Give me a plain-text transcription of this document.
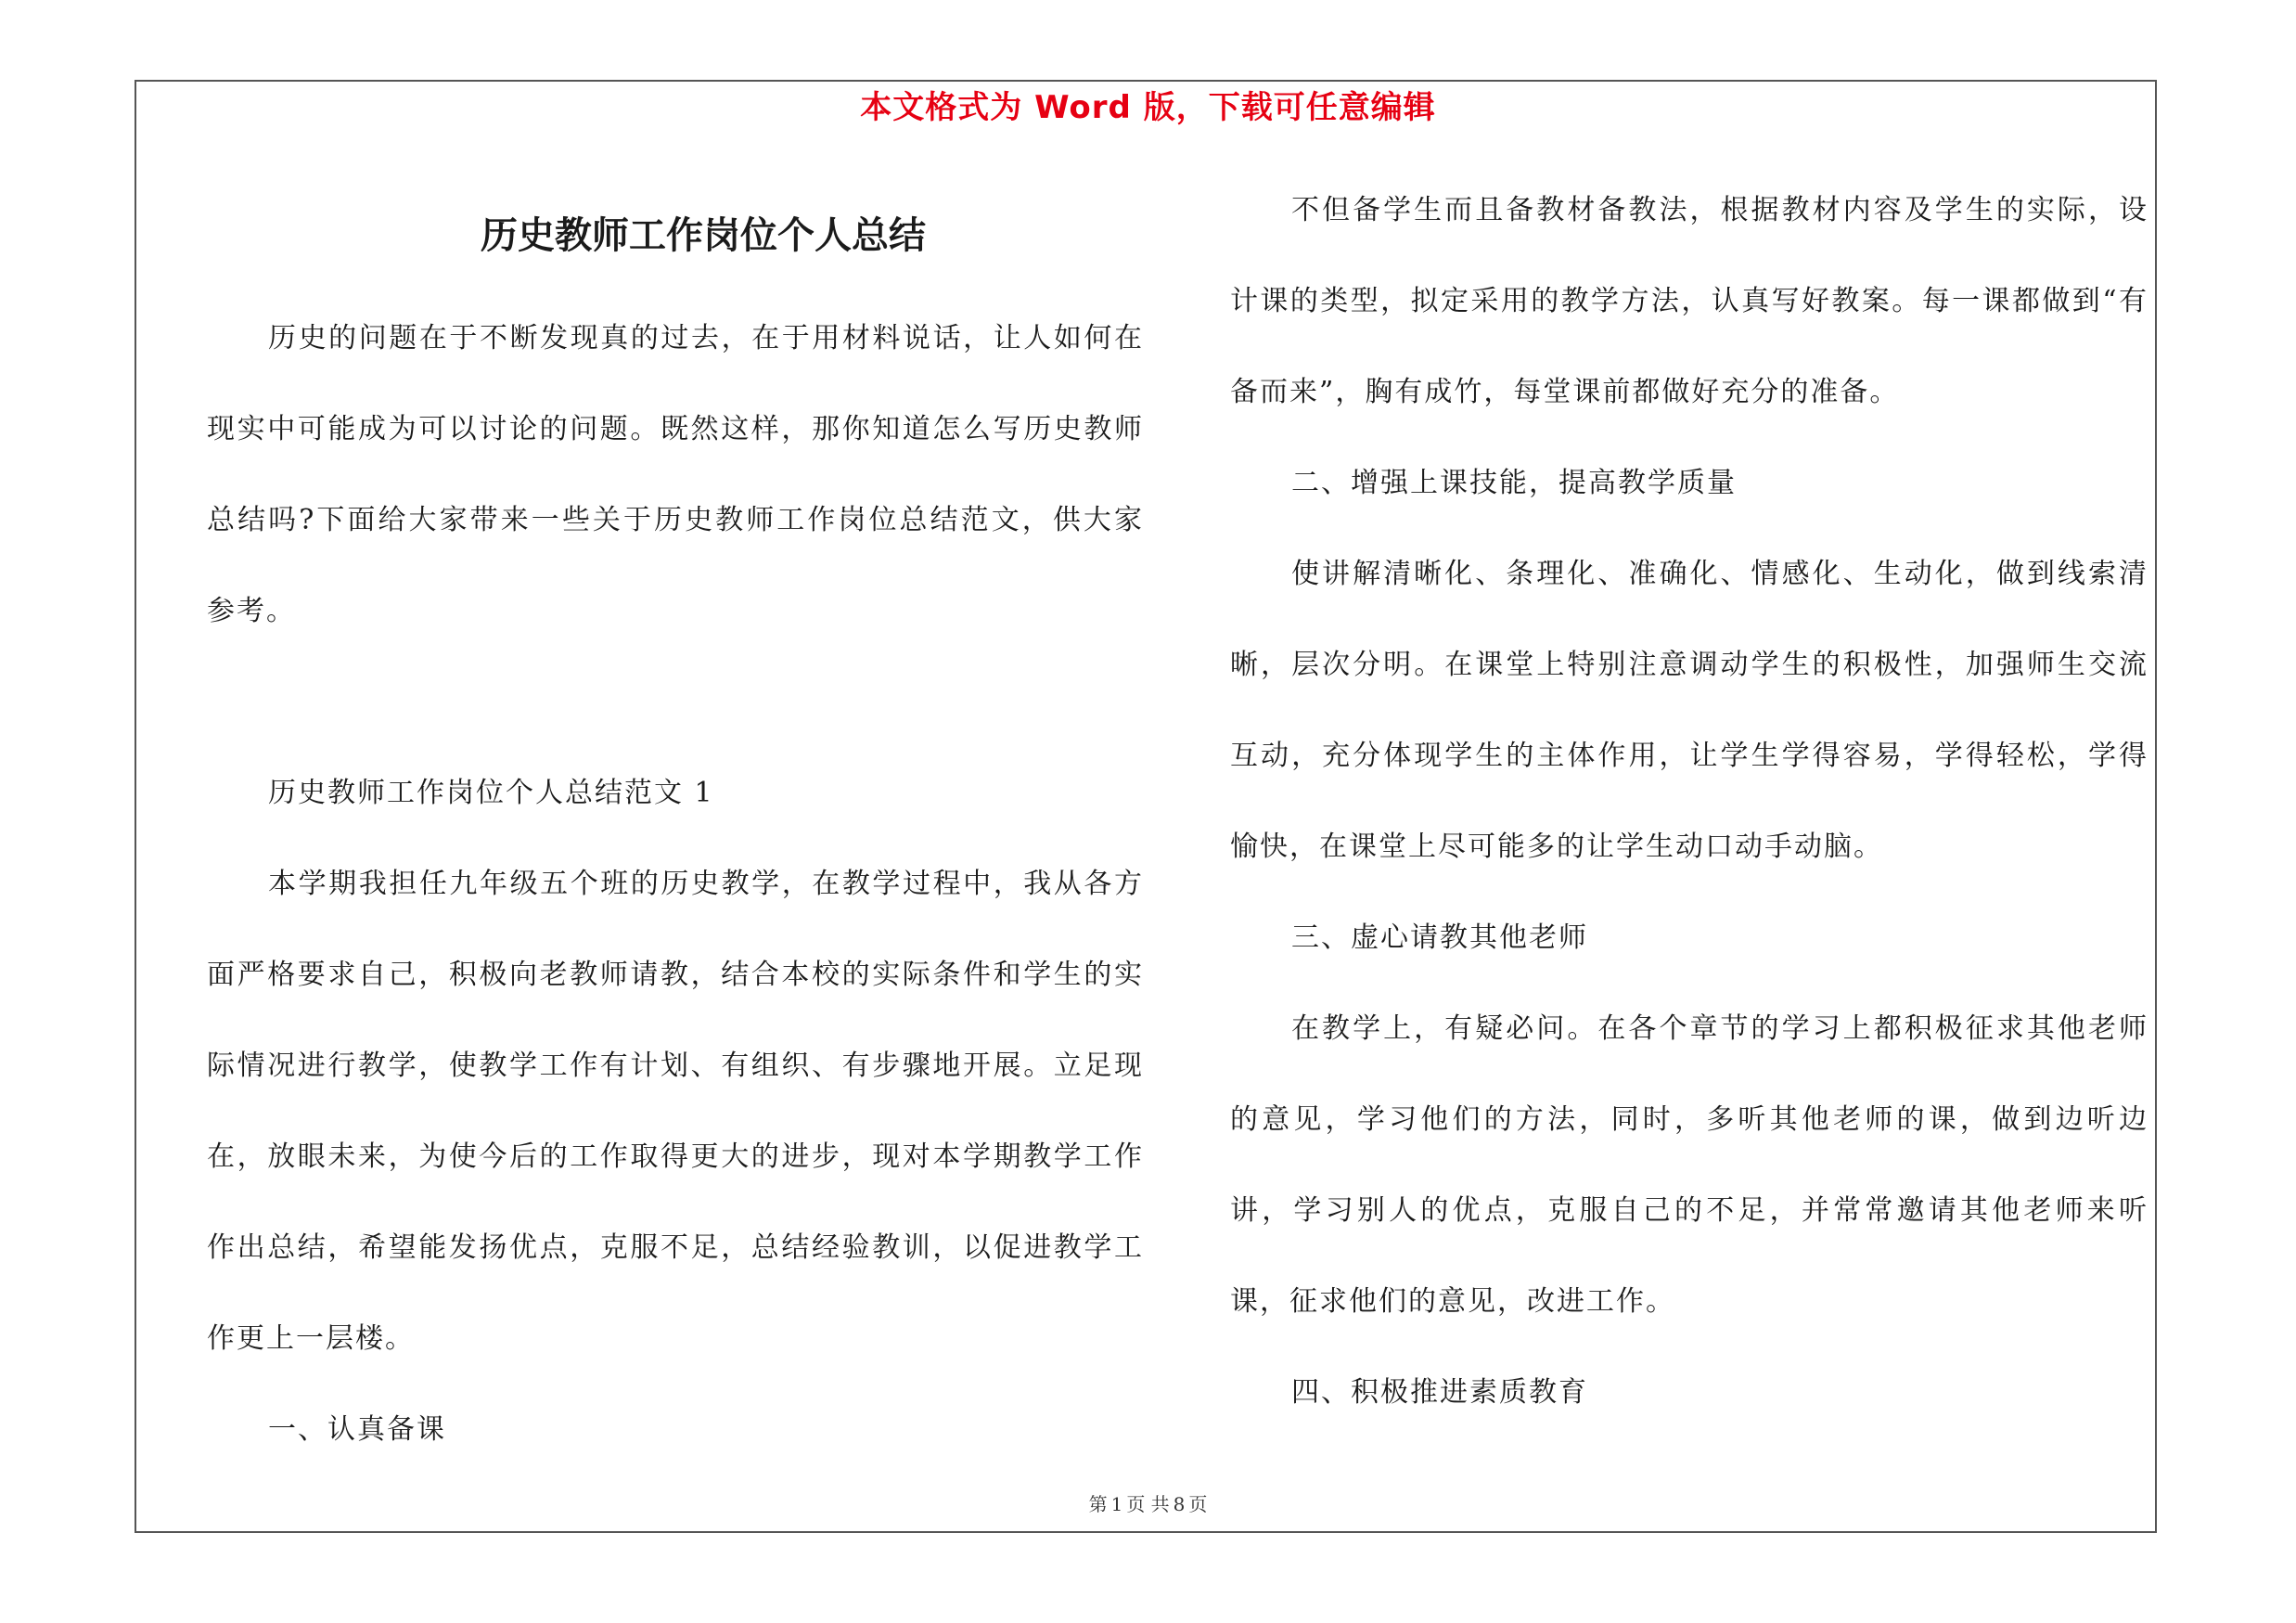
本文格式为 Word 版，下载可任意编辑
历史教师工作岗位个人总结

历史的问题在于不断发现真的过去，在于用材料说话，让人如何在现实中可能成为可以讨论的问题。既然这样，那你知道怎么写历史教师总结吗?下面给大家带来一些关于历史教师工作岗位总结范文，供大家参考。

历史教师工作岗位个人总结范文 1

本学期我担任九年级五个班的历史教学，在教学过程中，我从各方面严格要求自己，积极向老教师请教，结合本校的实际条件和学生的实际情况进行教学，使教学工作有计划、有组织、有步骤地开展。立足现在，放眼未来，为使今后的工作取得更大的进步，现对本学期教学工作作出总结，希望能发扬优点，克服不足，总结经验教训，以促进教学工作更上一层楼。

一、认真备课

不但备学生而且备教材备教法，根据教材内容及学生的实际，设计课的类型，拟定采用的教学方法，认真写好教案。每一课都做到“有备而来”，胸有成竹，每堂课前都做好充分的准备。

二、增强上课技能，提高教学质量

使讲解清晰化、条理化、准确化、情感化、生动化，做到线索清晰，层次分明。在课堂上特别注意调动学生的积极性，加强师生交流互动，充分体现学生的主体作用，让学生学得容易，学得轻松，学得愉快，在课堂上尽可能多的让学生动口动手动脑。

三、虚心请教其他老师

在教学上，有疑必问。在各个章节的学习上都积极征求其他老师的意见，学习他们的方法，同时，多听其他老师的课，做到边听边讲，学习别人的优点，克服自己的不足，并常常邀请其他老师来听课，征求他们的意见，改进工作。

四、积极推进素质教育

第 1 页 共 8 页
